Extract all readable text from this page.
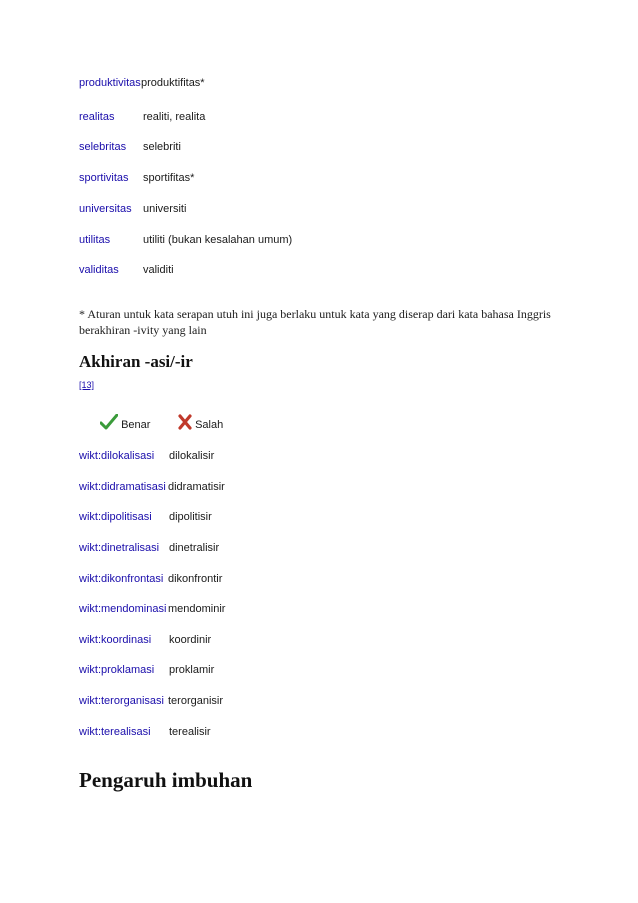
produktivitas produktifitas*
realitas	realiti, realita
selebritas selebriti
sportivitas sportifitas*
universitas universiti
utilitas	utiliti (bukan kesalahan umum)
validitas validiti
* Aturan untuk kata serapan utuh ini juga berlaku untuk kata yang diserap dari kata bahasa Inggris berakhiran -ivity yang lain
Akhiran -asi/-ir
[13]
Benar	Salah
wikt:dilokalisasi dilokalisir
wikt:didramatisasi didramatisir
wikt:dipolitisasi dipolitisir
wikt:dinetralisasi dinetralisir
wikt:dikonfrontasi dikonfrontir
wikt:mendominasi mendominir
wikt:koordinasi koordinir
wikt:proklamasi proklamir
wikt:terorganisasi terorganisir
wikt:terealisasi terealisir
Pengaruh imbuhan
